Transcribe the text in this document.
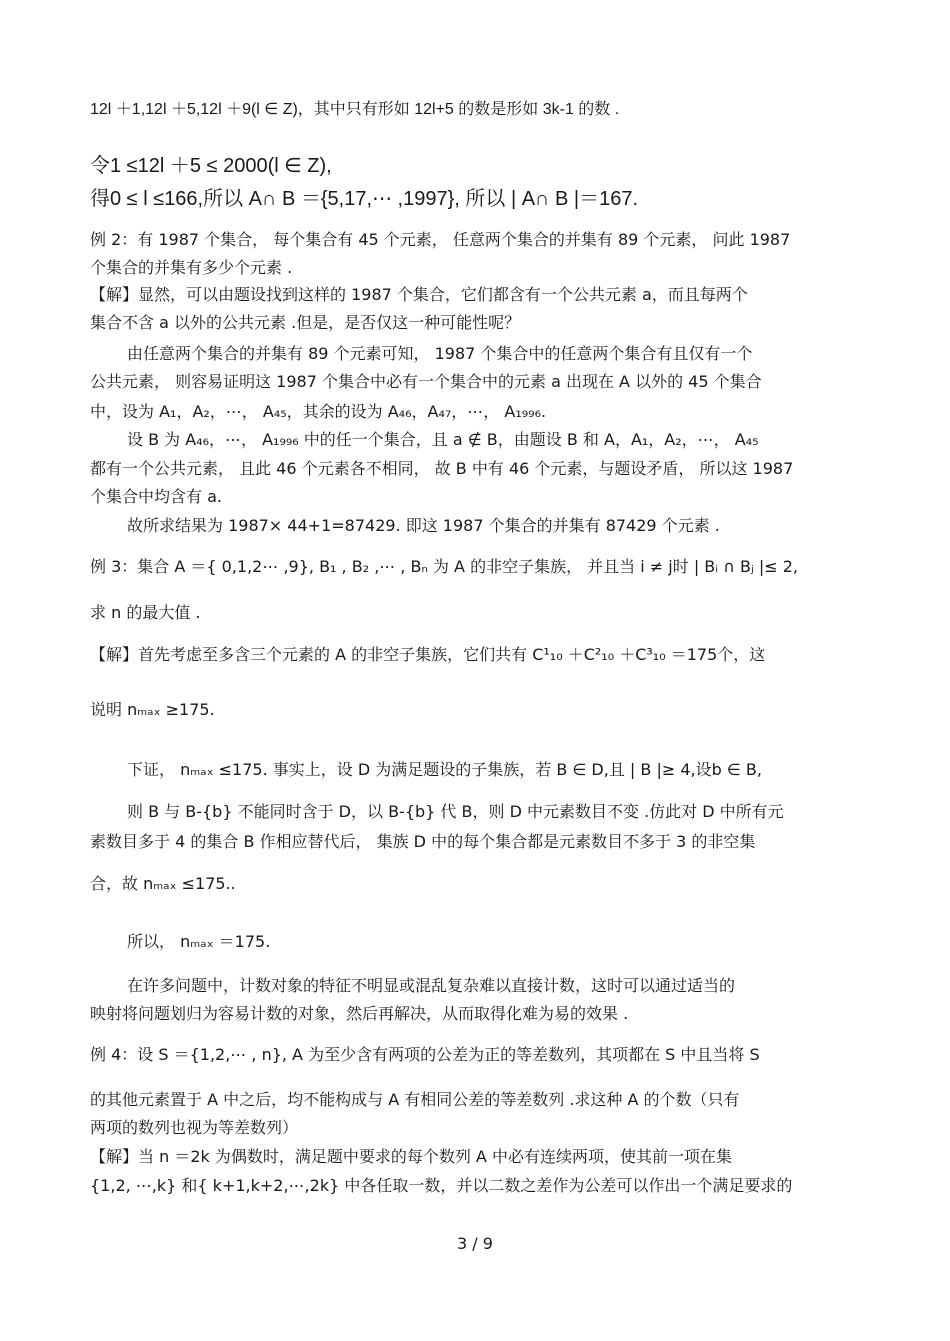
12l ＋1,12l ＋5,12l ＋9(l ∈ Z)，其中只有形如 12l+5 的数是形如 3k-1 的数 .
令1 ≤12l ＋5 ≤ 2000(l ∈ Z),
得0 ≤ l ≤166,所以 A∩ B ＝{5,17,⋯ ,1997}, 所以 | A∩ B |＝167.
例 2：有 1987 个集合， 每个集合有 45 个元素， 任意两个集合的并集有 89 个元素， 问此 1987
个集合的并集有多少个元素 .
【解】显然，可以由题设找到这样的 1987 个集合，它们都含有一个公共元素 a，而且每两个
集合不含 a 以外的公共元素 .但是，是否仅这一种可能性呢？
由任意两个集合的并集有 89 个元素可知， 1987 个集合中的任意两个集合有且仅有一个
公共元素， 则容易证明这 1987 个集合中必有一个集合中的元素 a 出现在 A 以外的 45 个集合
中，设为 A₁，A₂，⋯， A₄₅，其余的设为 A₄₆，A₄₇，⋯， A₁₉₉₆.
设 B 为 A₄₆，⋯， A₁₉₉₆ 中的任一个集合，且 a ∉ B，由题设 B 和 A，A₁，A₂，⋯， A₄₅
都有一个公共元素， 且此 46 个元素各不相同， 故 B 中有 46 个元素，与题设矛盾， 所以这 1987
个集合中均含有 a.
故所求结果为 1987× 44+1=87429. 即这 1987 个集合的并集有 87429 个元素 .
例 3：集合 A ＝{ 0,1,2⋯ ,9}, B₁ , B₂ ,⋯ , Bₙ 为 A 的非空子集族， 并且当 i ≠ j时 | Bᵢ ∩ Bⱼ |≤ 2,
求 n 的最大值 .
【解】首先考虑至多含三个元素的 A 的非空子集族，它们共有 C¹₁₀ ＋C²₁₀ ＋C³₁₀ ＝175个，这
说明 nₘₐₓ ≥175.
下证， nₘₐₓ ≤175. 事实上，设 D 为满足题设的子集族，若 B ∈ D,且 | B |≥ 4,设b ∈ B,
则 B 与 B-{b} 不能同时含于 D，以 B-{b} 代 B，则 D 中元素数目不变 .仿此对 D 中所有元
素数目多于 4 的集合 B 作相应替代后， 集族 D 中的每个集合都是元素数目不多于 3 的非空集
合，故 nₘₐₓ ≤175..
所以， nₘₐₓ ＝175.
在许多问题中，计数对象的特征不明显或混乱复杂难以直接计数，这时可以通过适当的
映射将问题划归为容易计数的对象，然后再解决，从而取得化难为易的效果 .
例 4：设 S ＝{1,2,⋯ , n}, A 为至少含有两项的公差为正的等差数列，其项都在 S 中且当将 S
的其他元素置于 A 中之后，均不能构成与 A 有相同公差的等差数列 .求这种 A 的个数（只有
两项的数列也视为等差数列）
【解】当 n ＝2k 为偶数时，满足题中要求的每个数列 A 中必有连续两项，使其前一项在集
{1,2, ⋯,k} 和{ k+1,k+2,⋯,2k} 中各任取一数，并以二数之差作为公差可以作出一个满足要求的
3 / 9
